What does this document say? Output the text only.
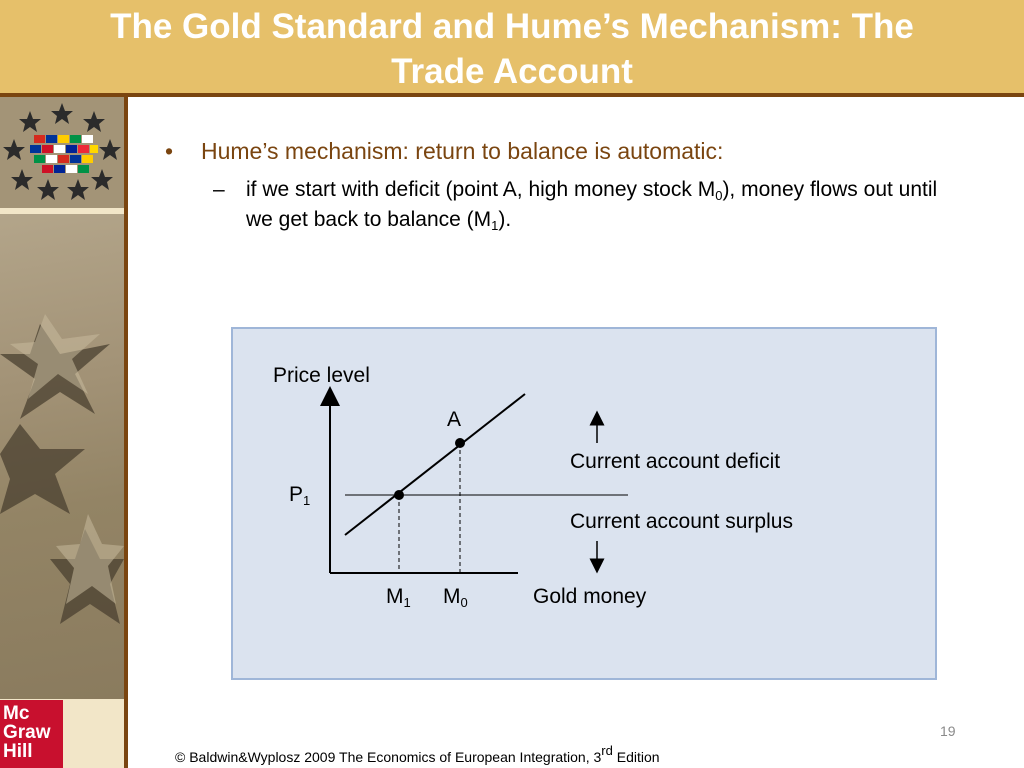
The Gold Standard and Hume’s Mechanism: The
Trade Account
Mc
Graw
Hill
• Hume’s mechanism: return to balance is automatic:
– if we start with deficit (point A, high money stock $M_0$), money flows out until we get back to balance $(M_1)$.
Price level
A
$P_1$
Current account deficit
Current account surplus
$M_1$ $M_0$	Gold money
19
© Baldwin&Wyplosz 2009 The Economics of European Integration, 3rd Edition
